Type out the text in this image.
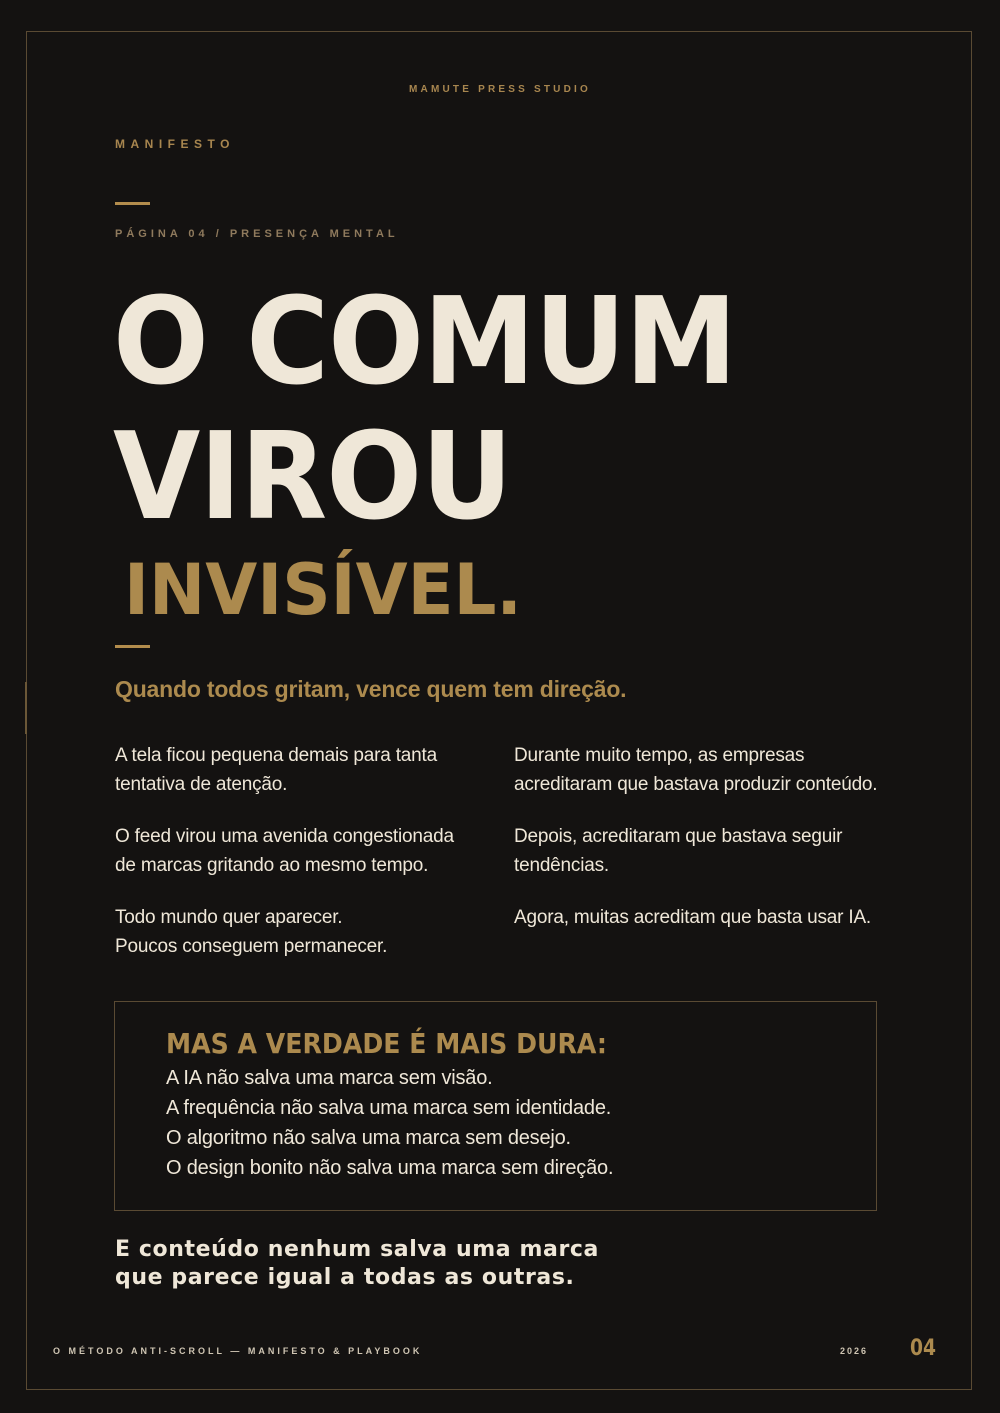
MAMUTE PRESS STUDIO
MANIFESTO
PÁGINA 04 / PRESENÇA MENTAL
O COMUM
VIROU
INVISÍVEL.
Quando todos gritam, vence quem tem direção.

A tela ficou pequena demais para tanta
tentativa de atenção.

O feed virou uma avenida congestionada
de marcas gritando ao mesmo tempo.

Todo mundo quer aparecer.
Poucos conseguem permanecer.

Durante muito tempo, as empresas
acreditaram que bastava produzir conteúdo.

Depois, acreditaram que bastava seguir
tendências.

Agora, muitas acreditam que basta usar IA.

MAS A VERDADE É MAIS DURA:
A IA não salva uma marca sem visão.
A frequência não salva uma marca sem identidade.
O algoritmo não salva uma marca sem desejo.
O design bonito não salva uma marca sem direção.
E conteúdo nenhum salva uma marca
que parece igual a todas as outras.
O MÉTODO ANTI-SCROLL — MANIFESTO & PLAYBOOK	2026 04
